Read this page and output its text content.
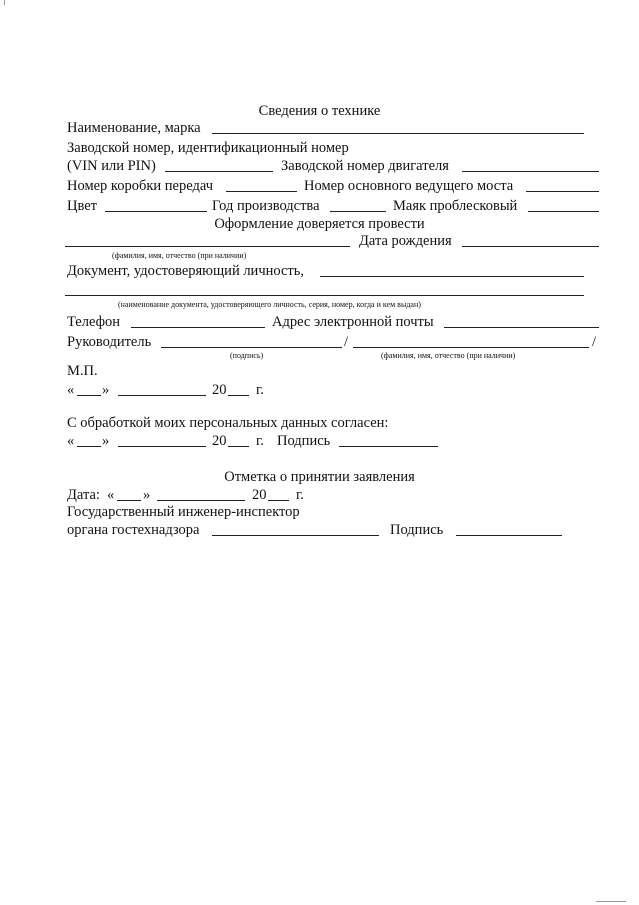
Сведения о технике
Наименование, марка
Заводской номер, идентификационный номер
(VIN или PIN)	Заводской номер двигателя
Номер коробки передач	Номер основного ведущего моста
Цвет	Год производства	Маяк проблесковый
Оформление доверяется провести
Дата рождения
(фамилия, имя, отчество (при наличии)
Документ, удостоверяющий личность,
(наименование документа, удостоверяющего личность, серия, номер, когда и кем выдан)
Телефон	Адрес электронной почты
Руководитель	/	/
(подпись)	(фамилия, имя, отчество (при наличии)
М.П.
« »	20 г.
С обработкой моих персональных данных согласен:
« »	20 г. Подпись
Отметка о принятии заявления
Дата: « »	20 г.
Государственный инженер-инспектор
органа гостехнадзора	Подпись
